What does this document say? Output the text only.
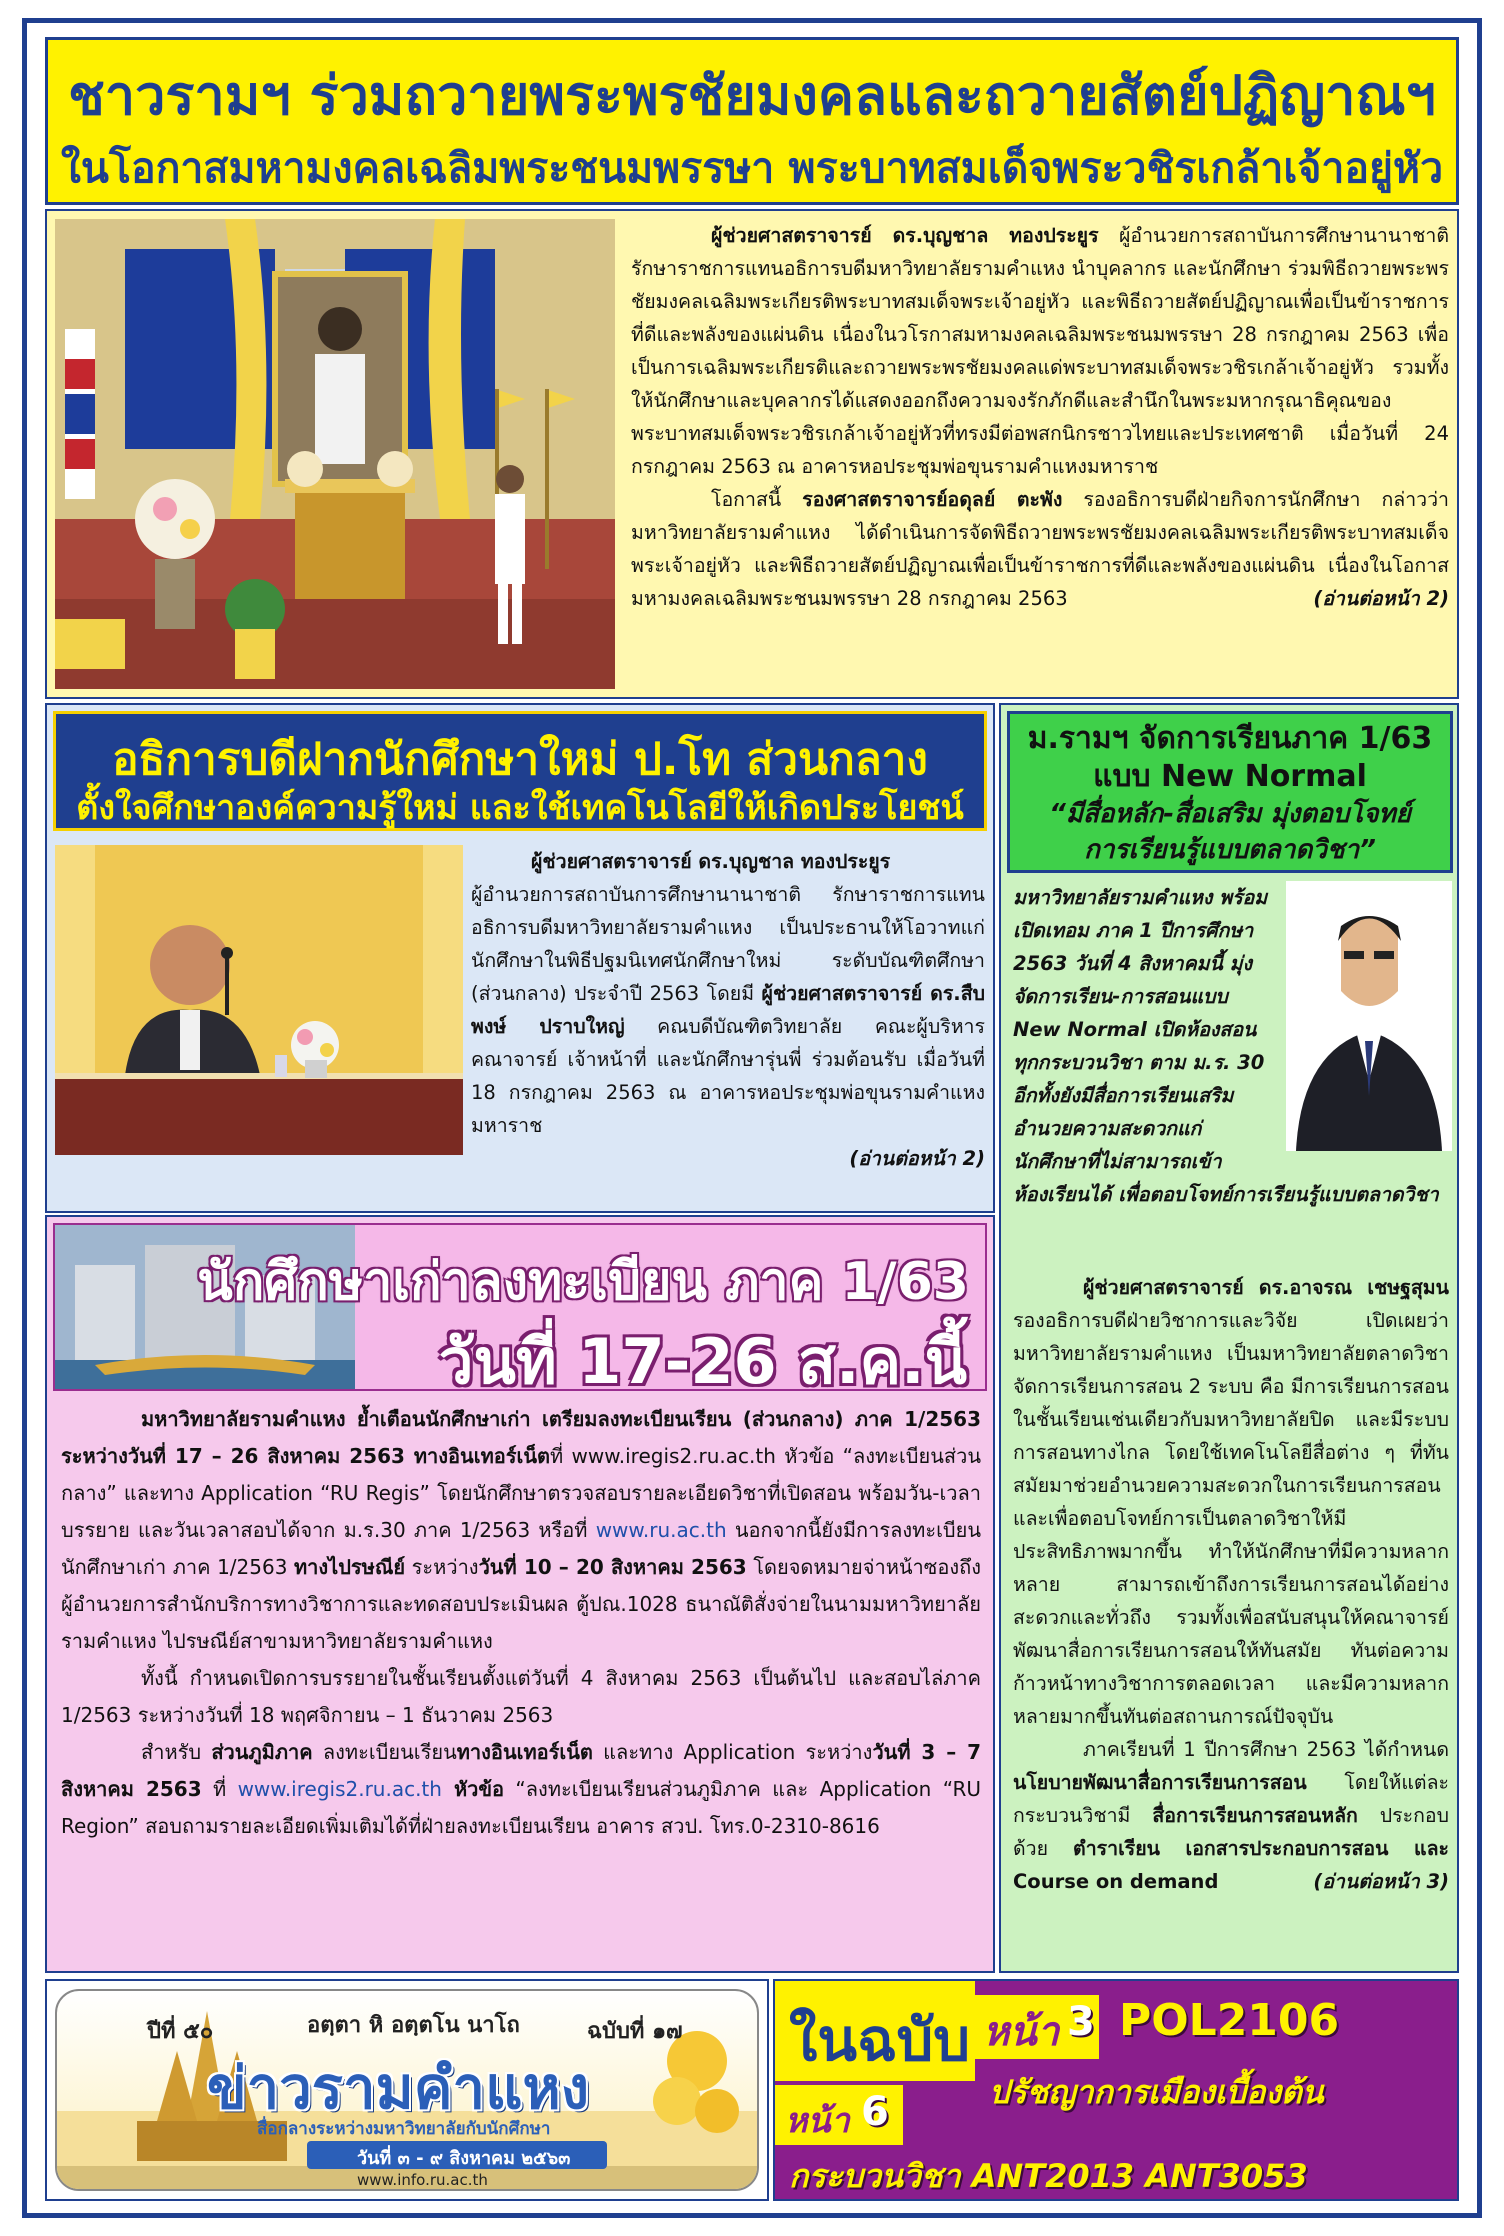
ชาวรามฯ ร่วมถวายพระพรชัยมงคลและถวายสัตย์ปฏิญาณฯ
ในโอกาสมหามงคลเฉลิมพระชนมพรรษา พระบาทสมเด็จพระวชิรเกล้าเจ้าอยู่หัว

ผู้ช่วยศาสตราจารย์ ดร.บุญชาล ทองประยูร ผู้อำนวยการสถาบันการศึกษานานาชาติ รักษาราชการแทนอธิการบดีมหาวิทยาลัยรามคำแหง นำบุคลากร และนักศึกษา ร่วมพิธีถวายพระพรชัยมงคลเฉลิมพระเกียรติพระบาทสมเด็จพระเจ้าอยู่หัว และพิธีถวายสัตย์ปฏิญาณเพื่อเป็นข้าราชการที่ดีและพลังของแผ่นดิน เนื่องในวโรกาสมหามงคลเฉลิมพระชนมพรรษา 28 กรกฎาคม 2563 เพื่อเป็นการเฉลิมพระเกียรติและถวายพระพรชัยมงคลแด่พระบาทสมเด็จพระวชิรเกล้าเจ้าอยู่หัว รวมทั้งให้นักศึกษาและบุคลากรได้แสดงออกถึงความจงรักภักดีและสำนึกในพระมหากรุณาธิคุณของพระบาทสมเด็จพระวชิรเกล้าเจ้าอยู่หัวที่ทรงมีต่อพสกนิกรชาวไทยและประเทศชาติ เมื่อวันที่ 24 กรกฎาคม 2563 ณ อาคารหอประชุมพ่อขุนรามคำแหงมหาราช

โอกาสนี้ รองศาสตราจารย์อดุลย์ ตะพัง รองอธิการบดีฝ่ายกิจการนักศึกษา กล่าวว่า มหาวิทยาลัยรามคำแหง ได้ดำเนินการจัดพิธีถวายพระพรชัยมงคลเฉลิมพระเกียรติพระบาทสมเด็จพระเจ้าอยู่หัว และพิธีถวายสัตย์ปฏิญาณเพื่อเป็นข้าราชการที่ดีและพลังของแผ่นดิน เนื่องในโอกาสมหามงคลเฉลิมพระชนมพรรษา 28 กรกฎาคม 2563	(อ่านต่อหน้า 2)

อธิการบดีฝากนักศึกษาใหม่ ป.โท ส่วนกลาง
ตั้งใจศึกษาองค์ความรู้ใหม่ และใช้เทคโนโลยีให้เกิดประโยชน์

ผู้ช่วยศาสตราจารย์ ดร.บุญชาล ทองประยูร
ผู้อำนวยการสถาบันการศึกษานานาชาติ รักษาราชการแทนอธิการบดีมหาวิทยาลัยรามคำแหง เป็นประธานให้โอวาทแก่นักศึกษาในพิธีปฐมนิเทศนักศึกษาใหม่ ระดับบัณฑิตศึกษา (ส่วนกลาง) ประจำปี 2563 โดยมี ผู้ช่วยศาสตราจารย์ ดร.สืบพงษ์ ปราบใหญ่ คณบดีบัณฑิตวิทยาลัย คณะผู้บริหาร คณาจารย์ เจ้าหน้าที่ และนักศึกษารุ่นพี่ ร่วมต้อนรับ เมื่อวันที่ 18 กรกฎาคม 2563 ณ อาคารหอประชุมพ่อขุนรามคำแหงมหาราช

(อ่านต่อหน้า 2)

ม.รามฯ จัดการเรียนภาค 1/63
แบบ New Normal
“มีสื่อหลัก-สื่อเสริม มุ่งตอบโจทย์
การเรียนรู้แบบตลาดวิชา”
มหาวิทยาลัยรามคำแหง พร้อมเปิดเทอม ภาค 1 ปีการศึกษา 2563 วันที่ 4 สิงหาคมนี้ มุ่งจัดการเรียน-การสอนแบบ New Normal เปิดห้องสอนทุกกระบวนวิชา ตาม ม.ร. 30 อีกทั้งยังมีสื่อการเรียนเสริมอำนวยความสะดวกแก่นักศึกษาที่ไม่สามารถเข้าห้องเรียนได้ เพื่อตอบโจทย์การเรียนรู้แบบตลาดวิชา

ผู้ช่วยศาสตราจารย์ ดร.อาจรณ เชษฐสุมน รองอธิการบดีฝ่ายวิชาการและวิจัย เปิดเผยว่า มหาวิทยาลัยรามคำแหง เป็นมหาวิทยาลัยตลาดวิชา จัดการเรียนการสอน 2 ระบบ คือ มีการเรียนการสอนในชั้นเรียนเช่นเดียวกับมหาวิทยาลัยปิด และมีระบบการสอนทางไกล โดยใช้เทคโนโลยีสื่อต่าง ๆ ที่ทันสมัยมาช่วยอำนวยความสะดวกในการเรียนการสอน และเพื่อตอบโจทย์การเป็นตลาดวิชาให้มีประสิทธิภาพมากขึ้น ทำให้นักศึกษาที่มีความหลากหลาย สามารถเข้าถึงการเรียนการสอนได้อย่างสะดวกและทั่วถึง รวมทั้งเพื่อสนับสนุนให้คณาจารย์พัฒนาสื่อการเรียนการสอนให้ทันสมัย ทันต่อความก้าวหน้าทางวิชาการตลอดเวลา และมีความหลากหลายมากขึ้นทันต่อสถานการณ์ปัจจุบัน

ภาคเรียนที่ 1 ปีการศึกษา 2563 ได้กำหนด นโยบายพัฒนาสื่อการเรียนการสอน โดยให้แต่ละกระบวนวิชามี สื่อการเรียนการสอนหลัก ประกอบด้วย ตำราเรียน เอกสารประกอบการสอน และ Course on demand	(อ่านต่อหน้า 3)

นักศึกษาเก่าลงทะเบียน ภาค 1/63
วันที่ 17-26 ส.ค.นี้

มหาวิทยาลัยรามคำแหง ย้ำเตือนนักศึกษาเก่า เตรียมลงทะเบียนเรียน (ส่วนกลาง) ภาค 1/2563 ระหว่างวันที่ 17 – 26 สิงหาคม 2563 ทางอินเทอร์เน็ตที่ www.iregis2.ru.ac.th หัวข้อ “ลงทะเบียนส่วนกลาง” และทาง Application “RU Regis” โดยนักศึกษาตรวจสอบรายละเอียดวิชาที่เปิดสอน พร้อมวัน-เวลาบรรยาย และวันเวลาสอบได้จาก ม.ร.30 ภาค 1/2563 หรือที่ www.ru.ac.th นอกจากนี้ยังมีการลงทะเบียนนักศึกษาเก่า ภาค 1/2563 ทางไปรษณีย์ ระหว่างวันที่ 10 – 20 สิงหาคม 2563 โดยจดหมายจ่าหน้าซองถึงผู้อำนวยการสำนักบริการทางวิชาการและทดสอบประเมินผล ตู้ปณ.1028 ธนาณัติสั่งจ่ายในนามมหาวิทยาลัยรามคำแหง ไปรษณีย์สาขามหาวิทยาลัยรามคำแหง

ทั้งนี้ กำหนดเปิดการบรรยายในชั้นเรียนตั้งแต่วันที่ 4 สิงหาคม 2563 เป็นต้นไป และสอบไล่ภาค 1/2563 ระหว่างวันที่ 18 พฤศจิกายน – 1 ธันวาคม 2563

สำหรับ ส่วนภูมิภาค ลงทะเบียนเรียนทางอินเทอร์เน็ต และทาง Application ระหว่างวันที่ 3 – 7 สิงหาคม 2563 ที่ www.iregis2.ru.ac.th หัวข้อ “ลงทะเบียนเรียนส่วนภูมิภาค และ Application “RU Region” สอบถามรายละเอียดเพิ่มเติมได้ที่ฝ่ายลงทะเบียนเรียน อาคาร สวป. โทร.0-2310-8616

ปีที่ ๕๐	อตฺตา หิ อตฺตโน นาโถ	ฉบับที่ ๑๗
ข่าวรามคำแหง
สื่อกลางระหว่างมหาวิทยาลัยกับนักศึกษา
วันที่ ๓ - ๙ สิงหาคม ๒๕๖๓
www.info.ru.ac.th
ในฉบับ หน้า 3 POL2106
ปรัชญาการเมืองเบื้องต้น
หน้า 6
กระบวนวิชา ANT2013 ANT3053
